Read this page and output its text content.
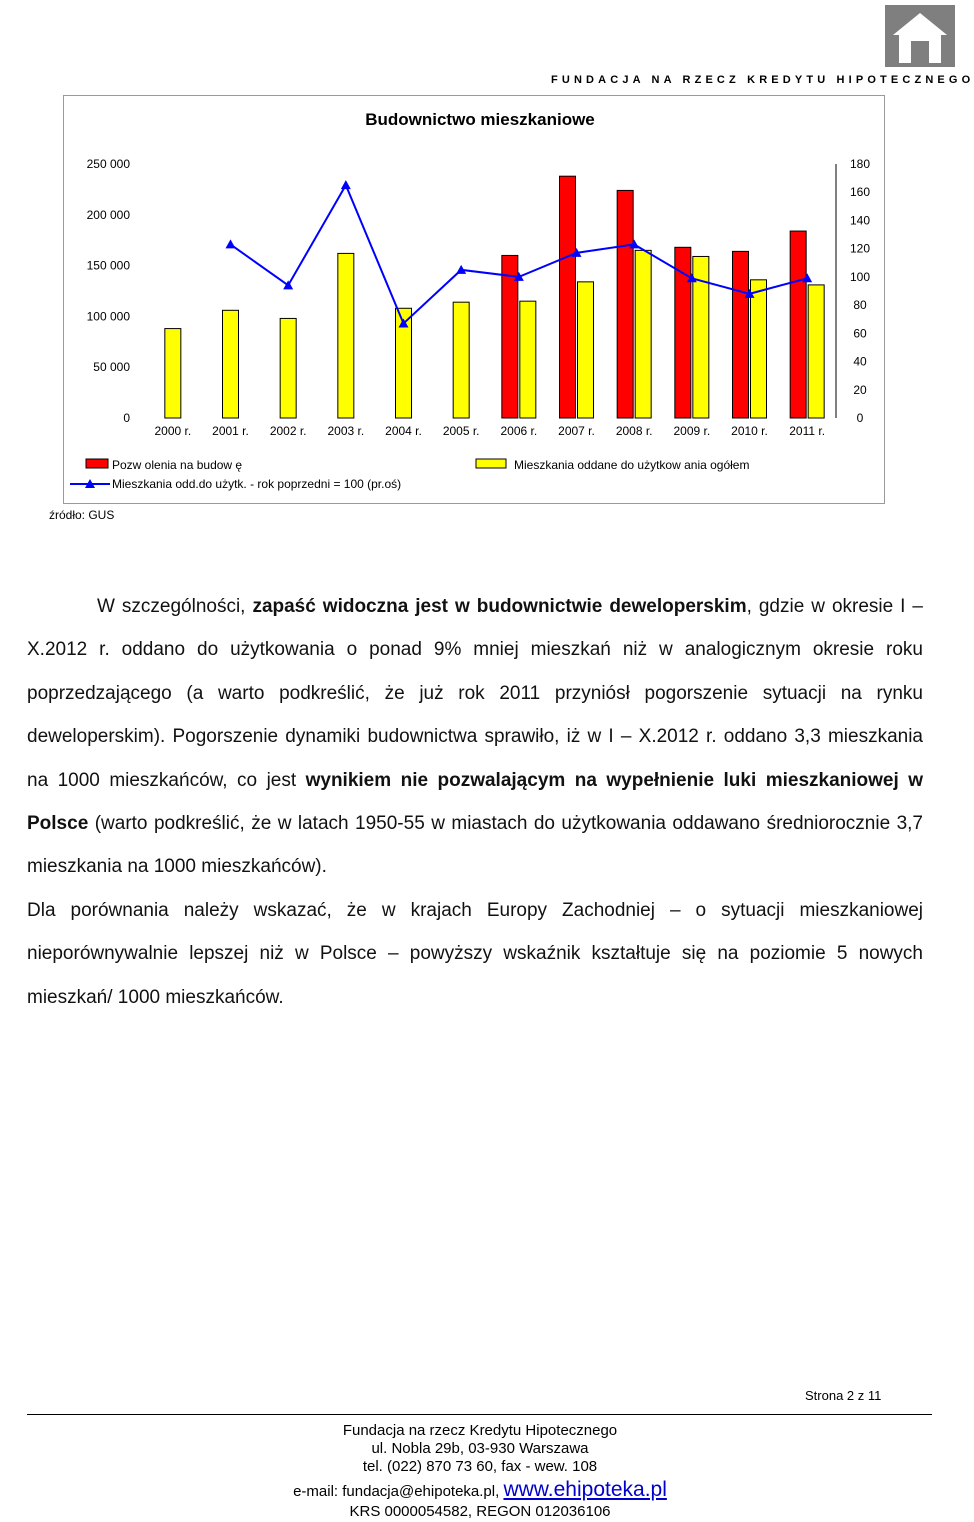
FUNDACJA NA RZECZ KREDYTU HIPOTECZNEGO
Budownictwo mieszkaniowe
250 000
200 000
150 000
100 000
50 000
0
180
160
140
120
100
80
60
40
20
0
2000 r. 2001 r. 2002 r. 2003 r. 2004 r. 2005 r. 2006 r. 2007 r. 2008 r. 2009 r. 2010 r. 2011 r.
Pozw olenia na budow ę	Mieszkania oddane do użytkow ania ogółem
Mieszkania odd.do użytk. - rok poprzedni = 100 (pr.oś)
źródło: GUS

W szczególności, zapaść widoczna jest w budownictwie deweloperskim, gdzie w okresie I – X.2012 r. oddano do użytkowania o ponad 9% mniej mieszkań niż w analogicznym okresie roku poprzedzającego (a warto podkreślić, że już rok 2011 przyniósł pogorszenie sytuacji na rynku deweloperskim). Pogorszenie dynamiki budownictwa sprawiło, iż w I – X.2012 r. oddano 3,3 mieszkania na 1000 mieszkańców, co jest wynikiem nie pozwalającym na wypełnienie luki mieszkaniowej w Polsce (warto podkreślić, że w latach 1950-55 w miastach do użytkowania oddawano średniorocznie 3,7 mieszkania na 1000 mieszkańców).

Dla porównania należy wskazać, że w krajach Europy Zachodniej – o sytuacji mieszkaniowej nieporównywalnie lepszej niż w Polsce – powyższy wskaźnik kształtuje się na poziomie 5 nowych mieszkań/ 1000 mieszkańców.

Strona 2 z 11
Fundacja na rzecz Kredytu Hipotecznego
ul. Nobla 29b, 03-930 Warszawa
tel. (022) 870 73 60, fax - wew. 108
e-mail: fundacja@ehipoteka.pl, www.ehipoteka.pl
KRS 0000054582, REGON 012036106
